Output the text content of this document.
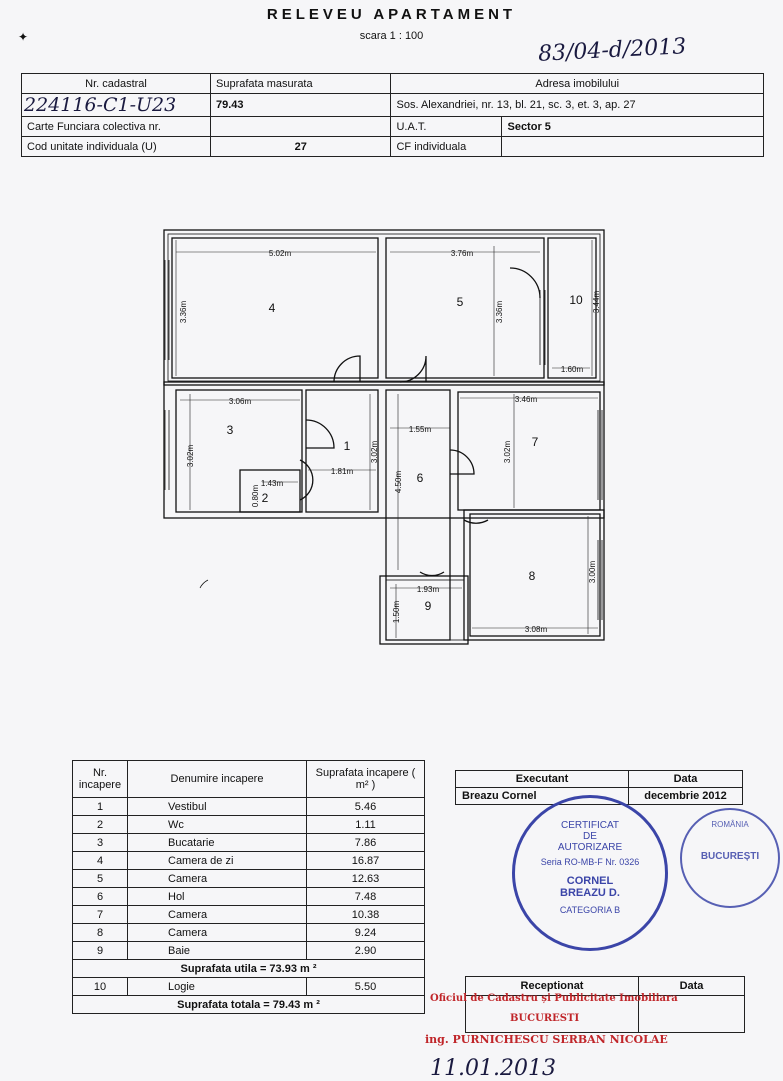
RELEVEU APARTAMENT
scara 1 : 100	83/04-d/2013
✦
Nr. cadastral	Suprafata masurata	Adresa imobilului	
224116-C1-U23	79.43	Sos. Alexandriei, nr. 13, bl. 21, sc. 3, et. 3, ap. 27	
Carte Funciara colectiva nr.		U.A.T.	Sector 5
Cod unitate individuala (U)	27	CF individuala	
4	5	10
3
1
2
6
7
8
9
5.02m
3.36m
3.76m
3.36m	3.44m
1.60m
3.06m
3.02m
1.81m
3.02m
1.55m
4.50m
1.43m
0.80m
3.46m
3.02m
3.08m
3.00m
1.93m
1.50m
Nr. incapere	Denumire incapere	Suprafata incapere ( m² )
1	Vestibul	5.46
2	Wc	1.11
3	Bucatarie	7.86
4	Camera de zi	16.87
5	Camera	12.63
6	Hol	7.48
7	Camera	10.38
8	Camera	9.24
9	Baie	2.90
Suprafata utila = 73.93 m ²		
10	Logie	5.50
Suprafata totala = 79.43 m ²		
Executant	Data
Breazu Cornel	decembrie 2012
CERTIFICAT
DE
AUTORIZARE
Seria RO-MB-F Nr. 0326
CORNEL
BREAZU D.
CATEGORIA B
ROMÂNIA
BUCUREȘTI
Receptionat	Data

Oficiul de Cadastru și Publicitate Imobiliara
BUCURESTI
ing. PURNICHESCU SERBAN NICOLAE
11.01.2013
